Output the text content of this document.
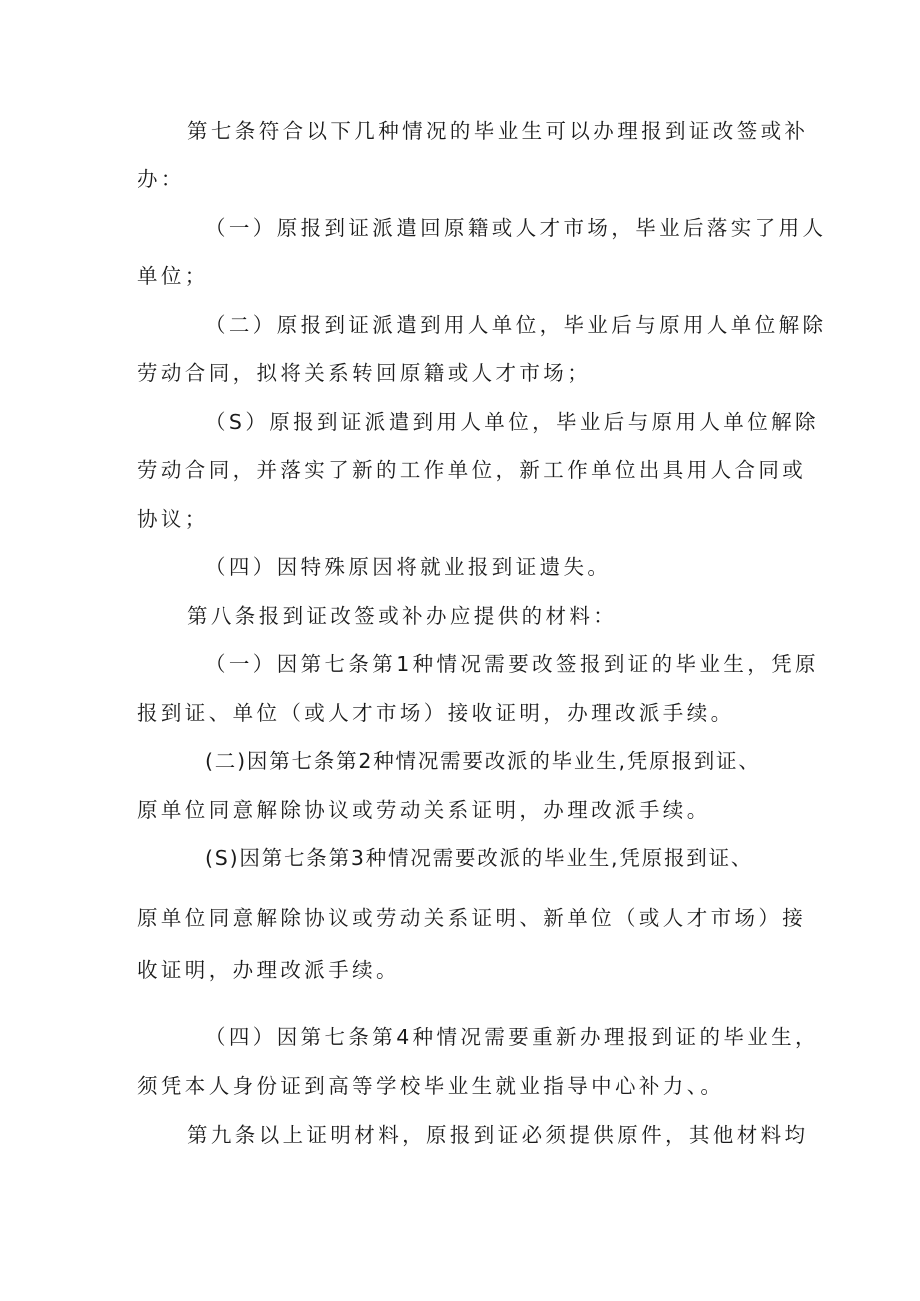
第七条符合以下几种情况的毕业生可以办理报到证改签或补
办：
（一）原报到证派遣回原籍或人才市场，毕业后落实了用人
单位；
（二）原报到证派遣到用人单位，毕业后与原用人单位解除
劳动合同，拟将关系转回原籍或人才市场；
（S）原报到证派遣到用人单位，毕业后与原用人单位解除
劳动合同，并落实了新的工作单位，新工作单位出具用人合同或
协议；
（四）因特殊原因将就业报到证遗失。
第八条报到证改签或补办应提供的材料：
（一）因第七条第1种情况需要改签报到证的毕业生，凭原
报到证、单位（或人才市场）接收证明，办理改派手续。
(二)因第七条第2种情况需要改派的毕业生,凭原报到证、
原单位同意解除协议或劳动关系证明，办理改派手续。
(S)因第七条第3种情况需要改派的毕业生,凭原报到证、
原单位同意解除协议或劳动关系证明、新单位（或人才市场）接
收证明，办理改派手续。
（四）因第七条第4种情况需要重新办理报到证的毕业生，
须凭本人身份证到高等学校毕业生就业指导中心补力、。
第九条以上证明材料，原报到证必须提供原件，其他材料均
